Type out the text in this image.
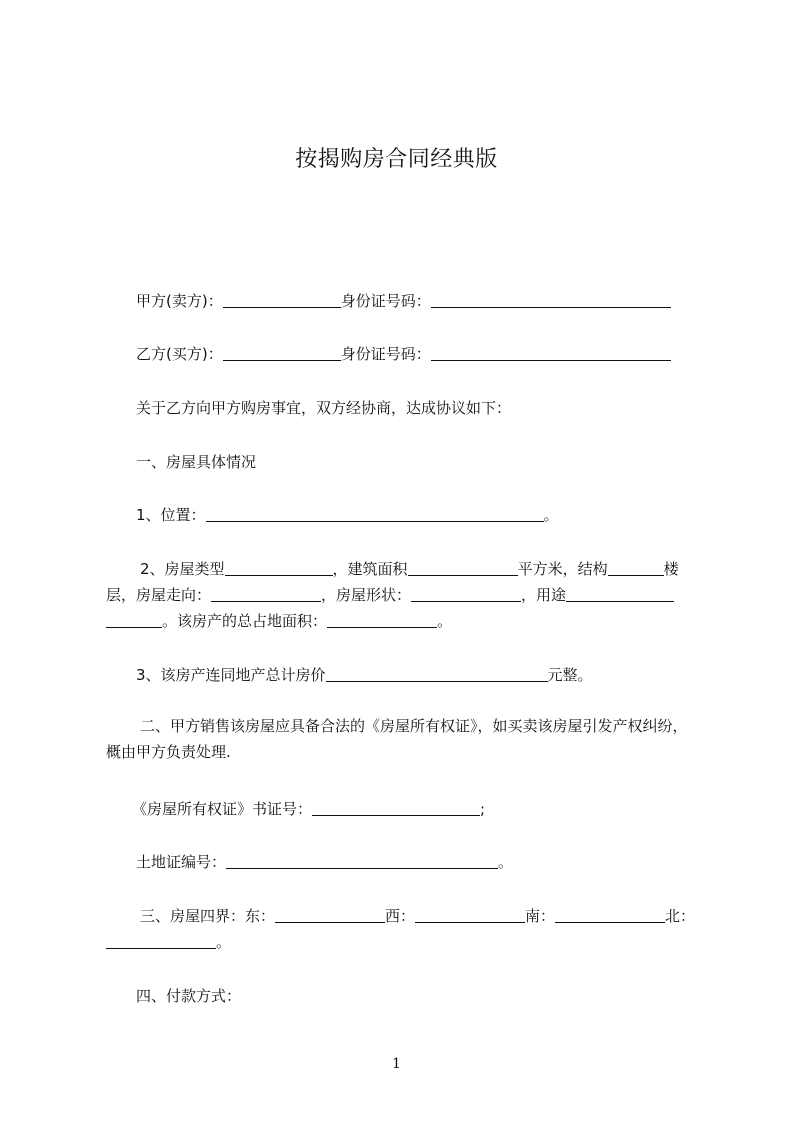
按揭购房合同经典版
甲方(卖方)：	身份证号码：
乙方(买方)：	身份证号码：
关于乙方向甲方购房事宜，双方经协商，达成协议如下：
一、房屋具体情况
1、位置：	。
2、房屋类型	，建筑面积	平方米，结构	楼
层，房屋走向：	，房屋形状：	，用途
。该房产的总占地面积：	。
3、该房产连同地产总计房价	元整。
二、甲方销售该房屋应具备合法的《房屋所有权证》，如买卖该房屋引发产权纠纷，概由甲方负责处理.
《房屋所有权证》书证号：	;
土地证编号：	。
三、房屋四界：东：	西：	南：	北：
。
四、付款方式：
1
